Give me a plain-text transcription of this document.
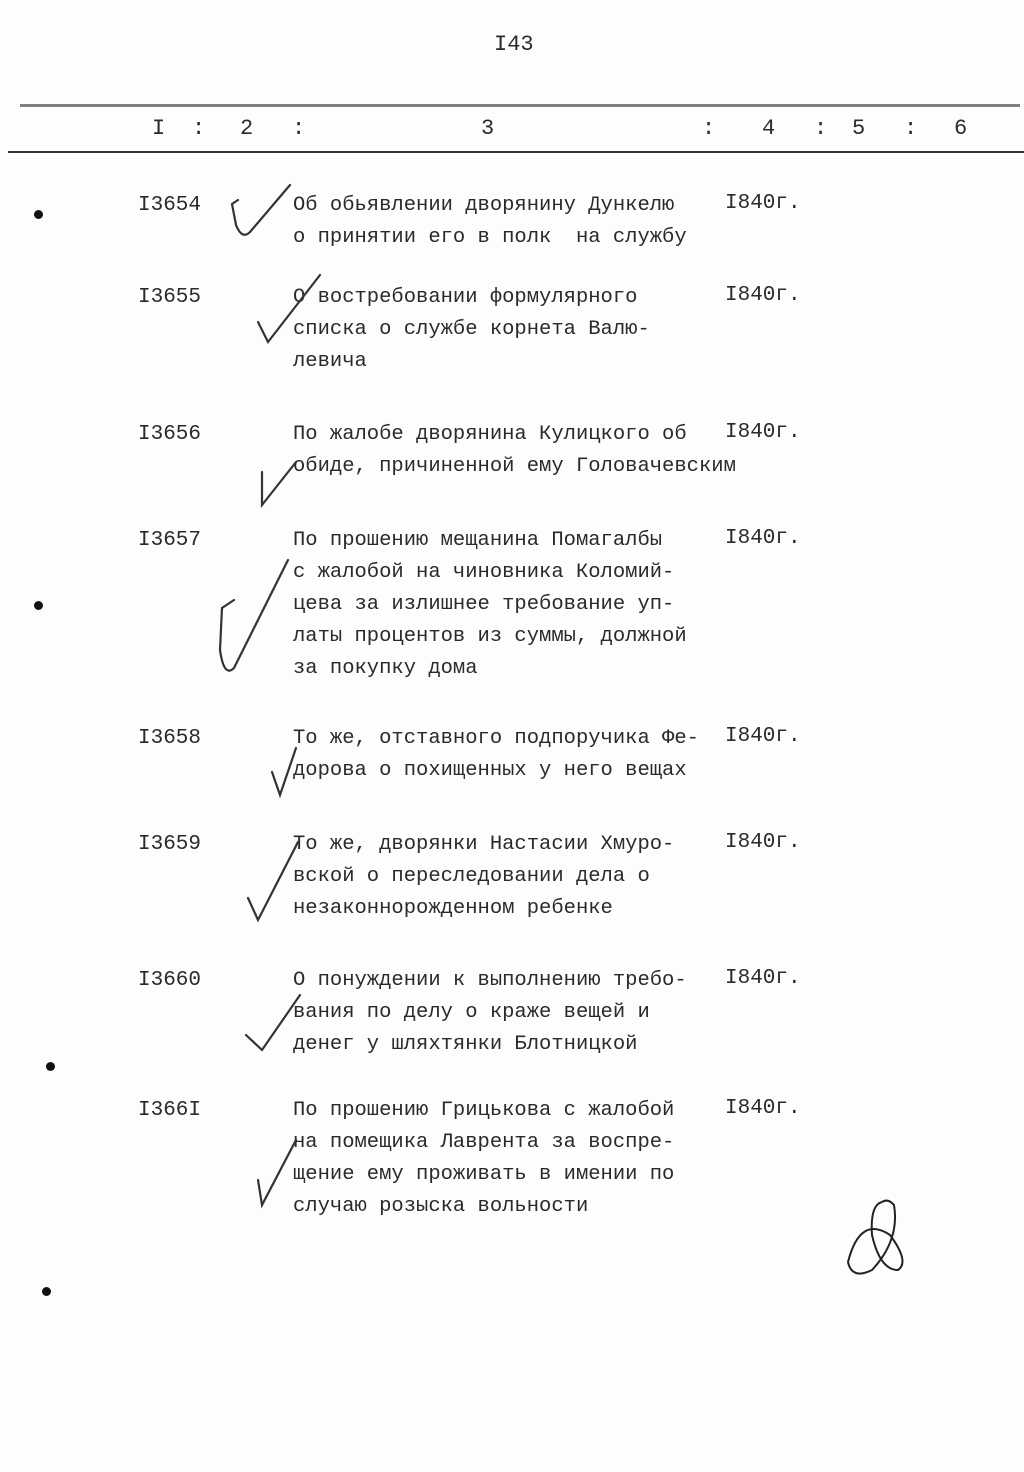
I43
I : 2 :	3	: 4 : 5 : 6
I3654	Об обьявлении дворянину Дункелю
о принятии его в полк  на службу
I840г.
I3655	О востребовании формулярного
списка о службе корнета Валю-
левича
I840г.
I3656	По жалобе дворянина Кулицкого об
обиде, причиненной ему Головачевским
I840г.
I3657	По прошению мещанина Помагалбы
с жалобой на чиновника Коломий-
цева за излишнее требование уп-
латы процентов из суммы, должной
за покупку дома
I840г.
I3658	То же, отставного подпоручика Фе-
дорова о похищенных у него вещах
I840г.
I3659	То же, дворянки Настасии Хмуро-
вской о переследовании дела о
незаконнорожденном ребенке
I840г.
I3660	О понуждении к выполнению требо-
вания по делу о краже вещей и
денег у шляхтянки Блотницкой
I840г.
I366I	По прошению Грицькова с жалобой
на помещика Лаврента за воспре-
щение ему проживать в имении по
случаю розыска вольности
I840г.
